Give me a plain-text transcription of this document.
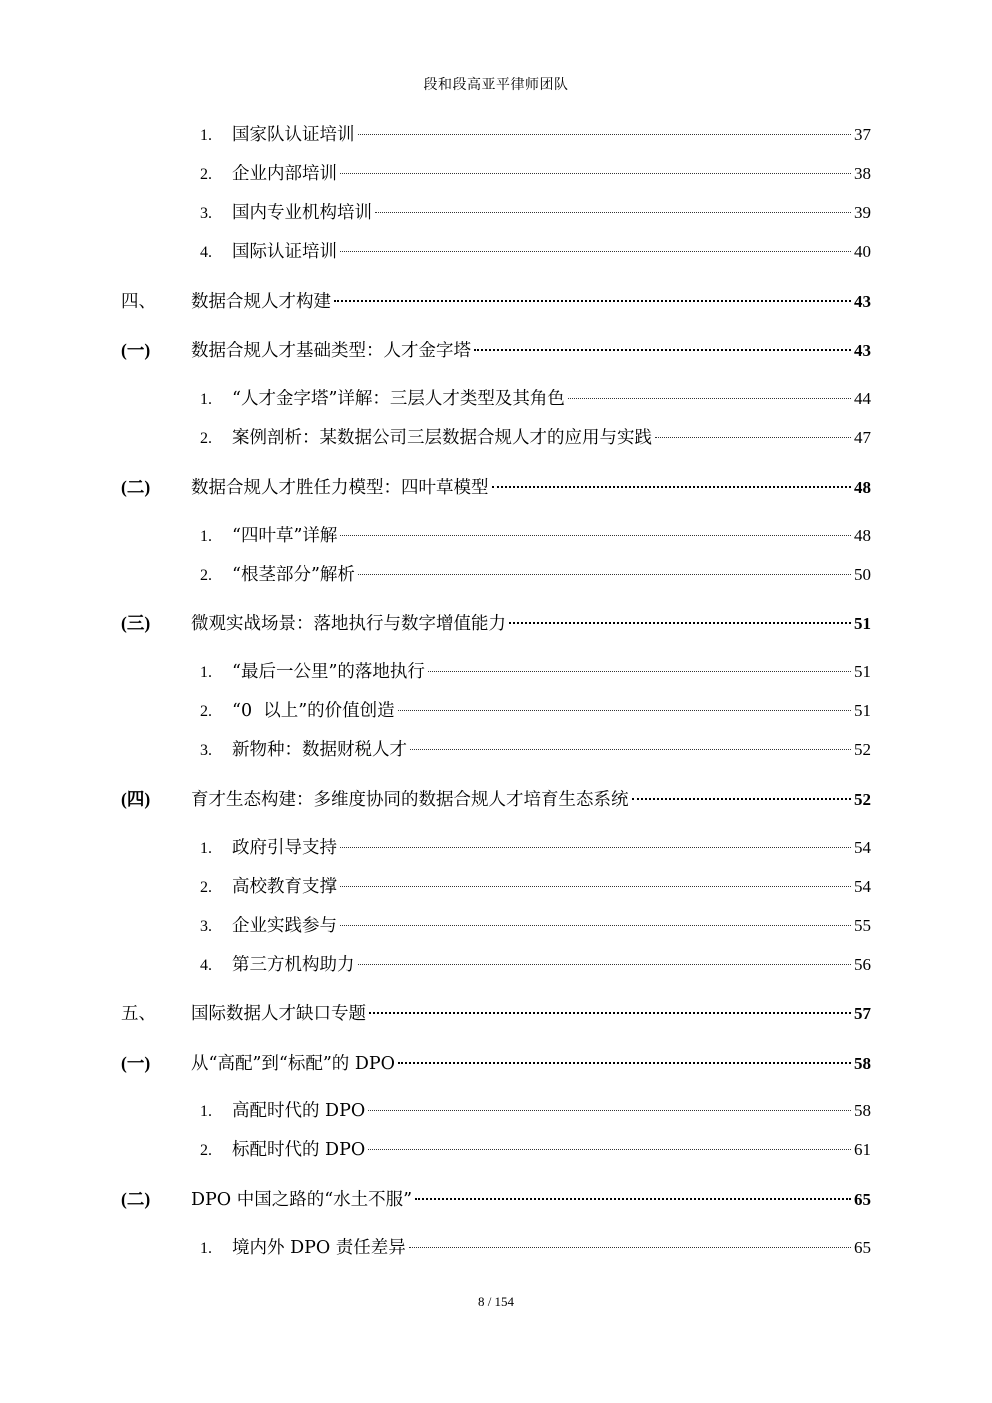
段和段高亚平律师团队
1.	国家队认证培训	37
2.	企业内部培训	38
3.	国内专业机构培训	39
4.	国际认证培训	40
四、	数据合规人才构建	43
(一)	数据合规人才基础类型：人才金字塔	43
1.	“人才金字塔”详解：三层人才类型及其角色	44
2.	案例剖析：某数据公司三层数据合规人才的应用与实践	47
(二)	数据合规人才胜任力模型：四叶草模型	48
1.	“四叶草”详解	48
2.	“根茎部分”解析	50
(三)	微观实战场景：落地执行与数字增值能力	51
1.	“最后一公里”的落地执行	51
2.	“0  以上”的价值创造	51
3.	新物种：数据财税人才	52
(四)	育才生态构建：多维度协同的数据合规人才培育生态系统	52
1.	政府引导支持	54
2.	高校教育支撑	54
3.	企业实践参与	55
4.	第三方机构助力	56
五、	国际数据人才缺口专题	57
(一)	从“高配”到“标配”的 DPO	58
1.	高配时代的 DPO	58
2.	标配时代的 DPO	61
(二)	DPO 中国之路的“水土不服”	65
1.	境内外 DPO 责任差异	65
8 / 154
